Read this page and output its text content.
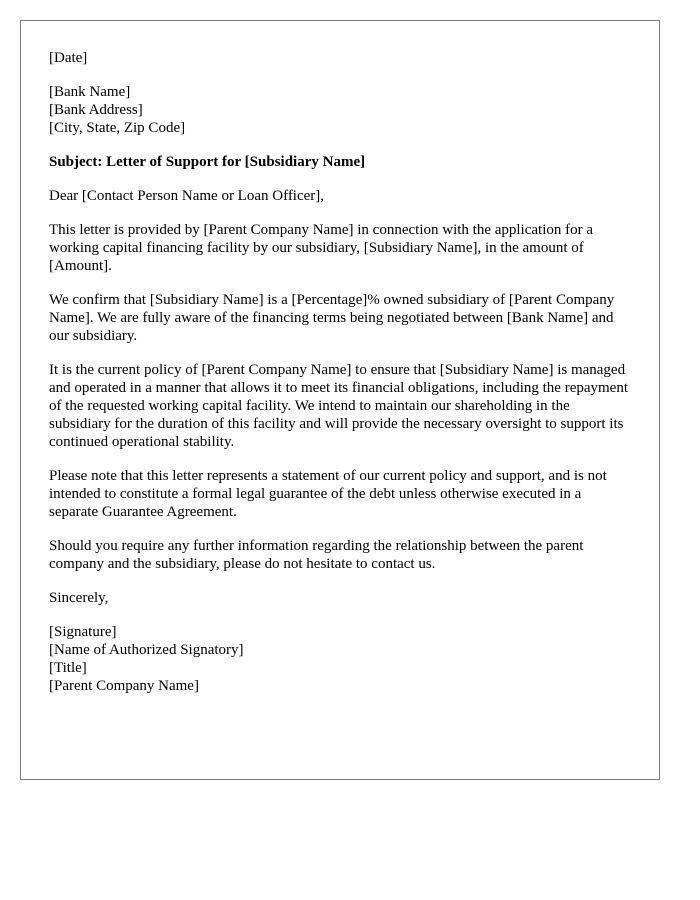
[Date]
[Bank Name]
[Bank Address]
[City, State, Zip Code]

Subject: Letter of Support for [Subsidiary Name]

Dear [Contact Person Name or Loan Officer],

This letter is provided by [Parent Company Name] in connection with the application for a working capital financing facility by our subsidiary, [Subsidiary Name], in the amount of [Amount].

We confirm that [Subsidiary Name] is a [Percentage]% owned subsidiary of [Parent Company Name]. We are fully aware of the financing terms being negotiated between [Bank Name] and our subsidiary.

It is the current policy of [Parent Company Name] to ensure that [Subsidiary Name] is managed and operated in a manner that allows it to meet its financial obligations, including the repayment of the requested working capital facility. We intend to maintain our shareholding in the subsidiary for the duration of this facility and will provide the necessary oversight to support its continued operational stability.

Please note that this letter represents a statement of our current policy and support, and is not intended to constitute a formal legal guarantee of the debt unless otherwise executed in a separate Guarantee Agreement.

Should you require any further information regarding the relationship between the parent company and the subsidiary, please do not hesitate to contact us.

Sincerely,

[Signature]
[Name of Authorized Signatory]
[Title]
[Parent Company Name]
